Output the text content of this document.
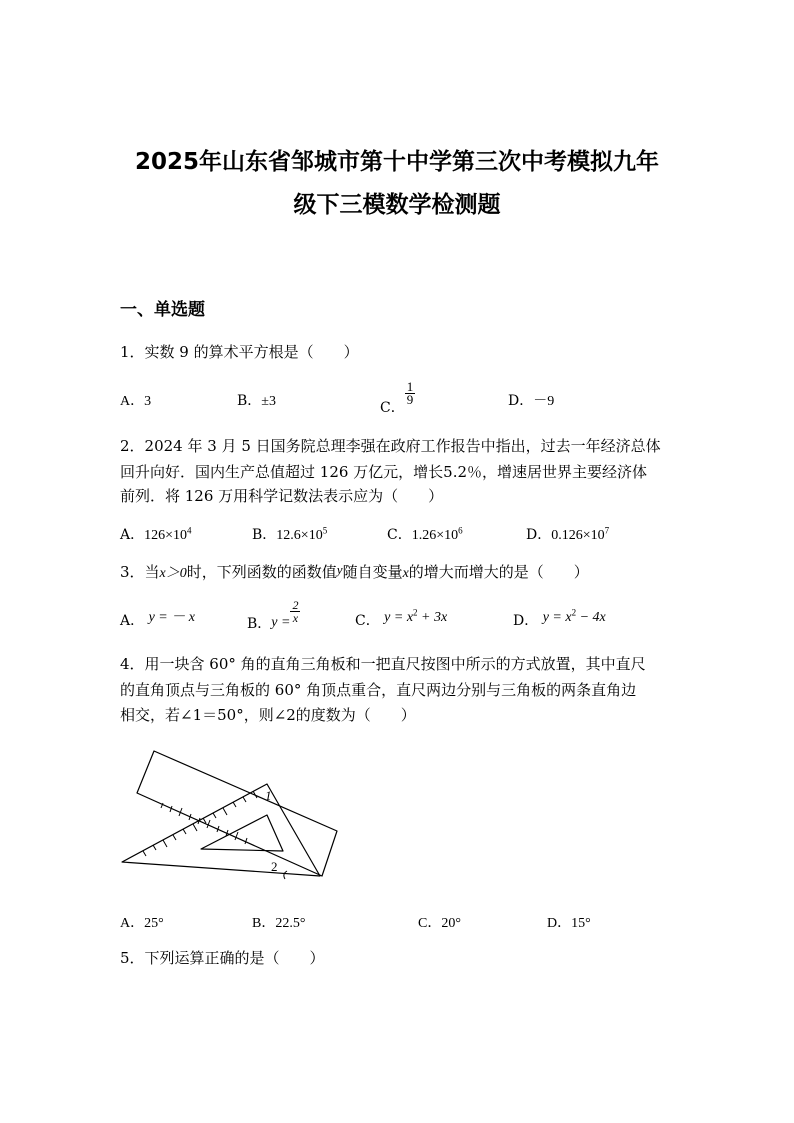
2025年山东省邹城市第十中学第三次中考模拟九年
级下三模数学检测题
一、单选题
1．实数 9 的算术平方根是（　　）
A．3	B．±3	C．
$\frac{1}{9}$	D．－9
2．2024 年 3 月 5 日国务院总理李强在政府工作报告中指出，过去一年经济总体
回升向好．国内生产总值超过 126 万亿元，增长5.2％，增速居世界主要经济体
前列．将 126 万用科学记数法表示应为（　　）
A．$126\times 10^4$	B．$12.6\times 10^5$	C．$1.26\times 10^6$	D．$0.126\times 10^7$
3．当x＞0时，下列函数的函数值y随自变量x的增大而增大的是（　　）
A． y = － x	B．$y = \frac{2}{x}$	C． $y = x^2 + 3x$	D． $y = x^2 - 4x$
4．用一块含 60° 角的直角三角板和一把直尺按图中所示的方式放置，其中直尺
的直角顶点与三角板的 60° 角顶点重合，直尺两边分别与三角板的两条直角边
相交，若∠1＝50°，则∠2的度数为（　　）
1
2
A．25°	B．22.5°	C．20°	D．15°
5．下列运算正确的是（　　）
